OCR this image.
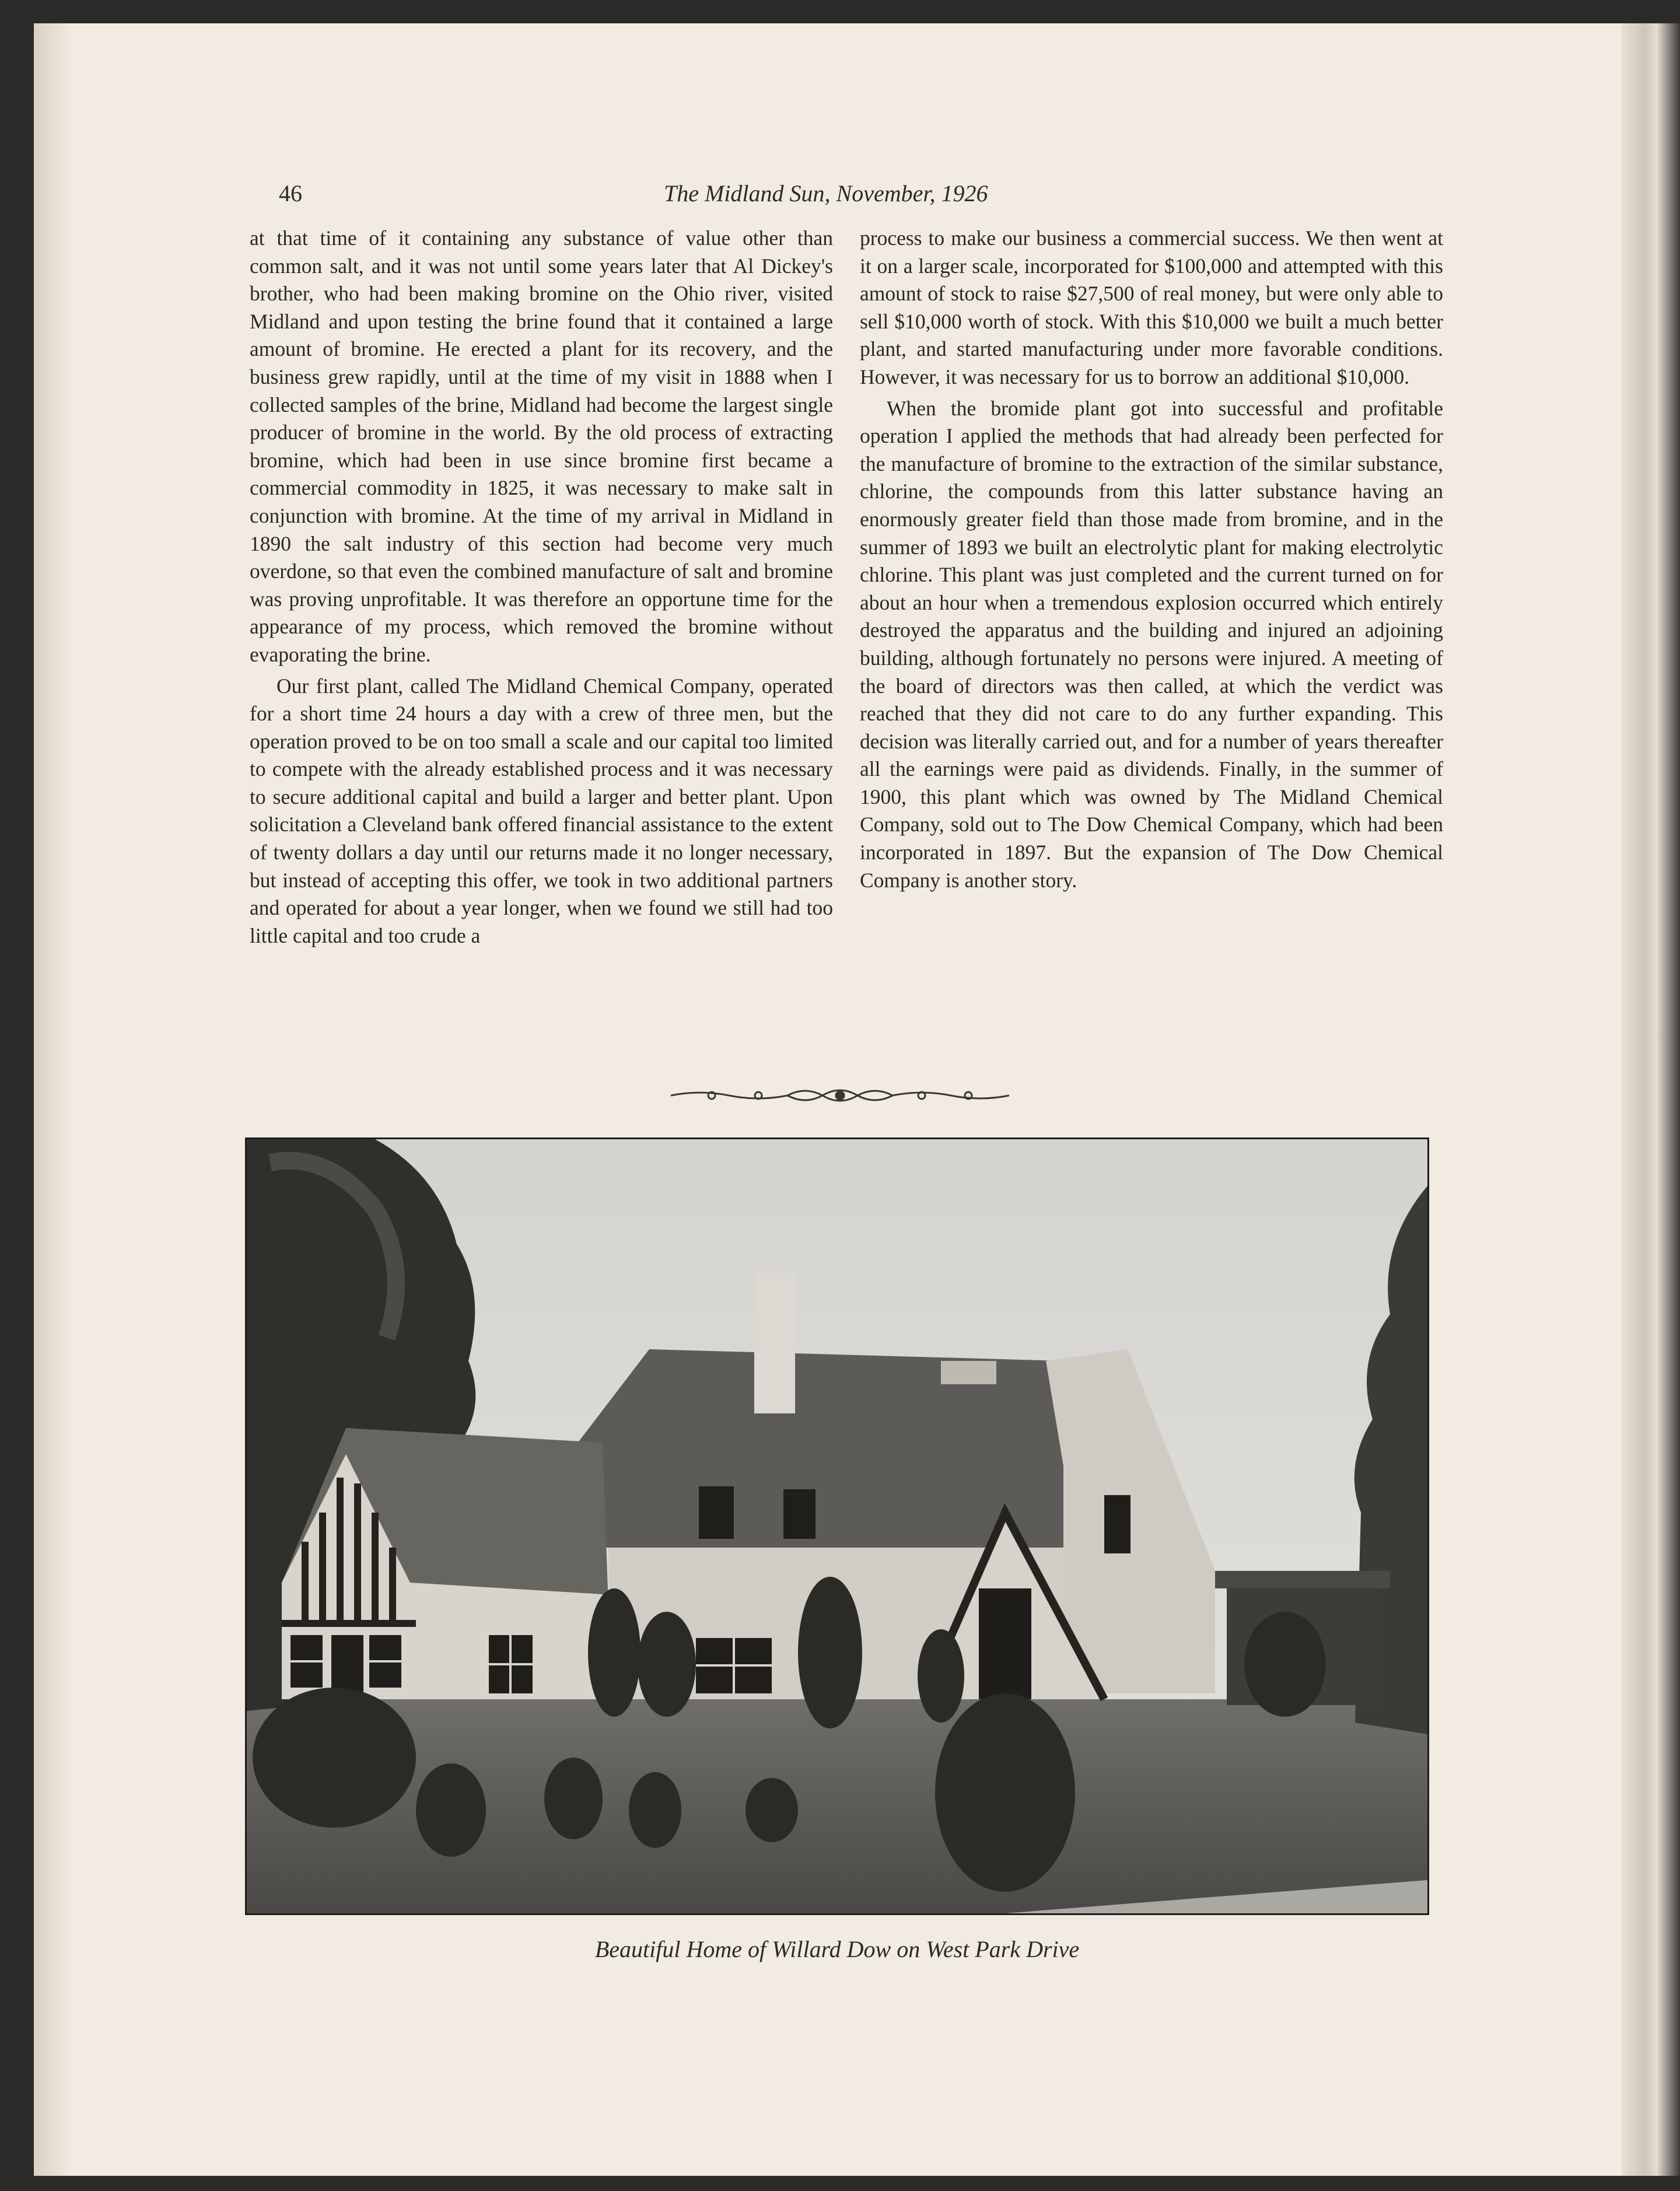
46	The Midland Sun, November, 1926

at that time of it containing any substance of value other than common salt, and it was not until some years later that Al Dickey's brother, who had been making bromine on the Ohio river, visited Midland and upon testing the brine found that it contained a large amount of bromine. He erected a plant for its recovery, and the business grew rapidly, until at the time of my visit in 1888 when I collected samples of the brine, Midland had become the largest single producer of bromine in the world. By the old process of extracting bromine, which had been in use since bromine first became a commercial commodity in 1825, it was necessary to make salt in conjunction with bromine. At the time of my arrival in Midland in 1890 the salt industry of this section had become very much overdone, so that even the combined manufacture of salt and bromine was proving unprofitable. It was therefore an opportune time for the appearance of my process, which removed the bromine without evaporating the brine.

Our first plant, called The Midland Chemical Company, operated for a short time 24 hours a day with a crew of three men, but the operation proved to be on too small a scale and our capital too limited to compete with the already established process and it was necessary to secure additional capital and build a larger and better plant. Upon solicitation a Cleveland bank offered financial assistance to the extent of twenty dollars a day until our returns made it no longer necessary, but instead of accepting this offer, we took in two additional partners and operated for about a year longer, when we found we still had too little capital and too crude a

process to make our business a commercial success. We then went at it on a larger scale, incorporated for $100,000 and attempted with this amount of stock to raise $27,500 of real money, but were only able to sell $10,000 worth of stock. With this $10,000 we built a much better plant, and started manufacturing under more favorable conditions. However, it was necessary for us to borrow an additional $10,000.

When the bromide plant got into successful and profitable operation I applied the methods that had already been perfected for the manufacture of bromine to the extraction of the similar substance, chlorine, the compounds from this latter substance having an enormously greater field than those made from bromine, and in the summer of 1893 we built an electrolytic plant for making electrolytic chlorine. This plant was just completed and the current turned on for about an hour when a tremendous explosion occurred which entirely destroyed the apparatus and the building and injured an adjoining building, although fortunately no persons were injured. A meeting of the board of directors was then called, at which the verdict was reached that they did not care to do any further expanding. This decision was literally carried out, and for a number of years thereafter all the earnings were paid as dividends. Finally, in the summer of 1900, this plant which was owned by The Midland Chemical Company, sold out to The Dow Chemical Company, which had been incorporated in 1897. But the expansion of The Dow Chemical Company is another story.

Beautiful Home of Willard Dow on West Park Drive
